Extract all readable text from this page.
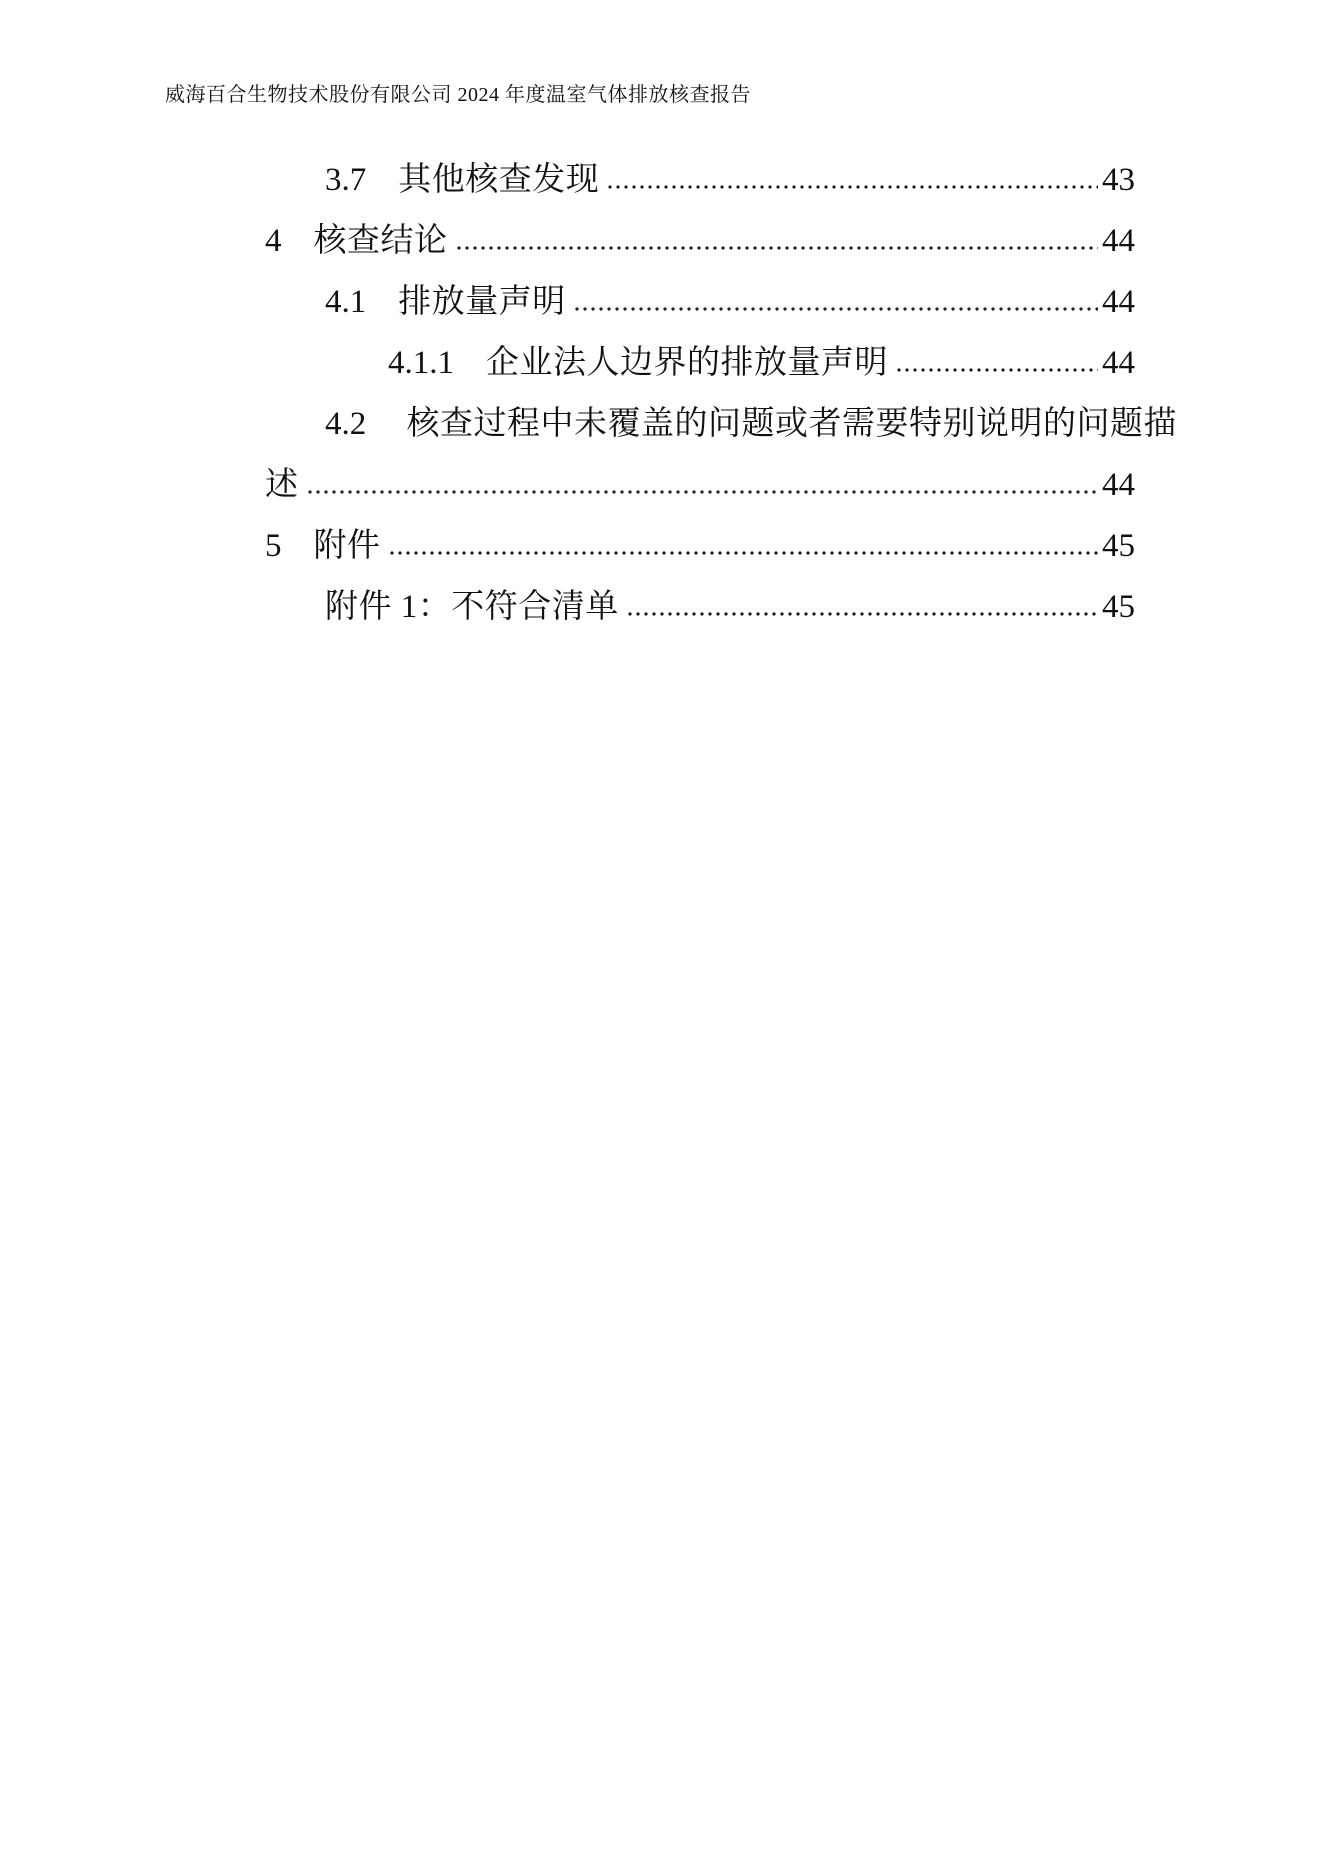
威海百合生物技术股份有限公司 2024 年度温室气体排放核查报告
3.7 其他核查发现	43
4 核查结论	44
4.1 排放量声明	44
4.1.1 企业法人边界的排放量声明	44
4.2 核查过程中未覆盖的问题或者需要特别说明的问题描
述	44
5 附件	45
附件 1：不符合清单	45
